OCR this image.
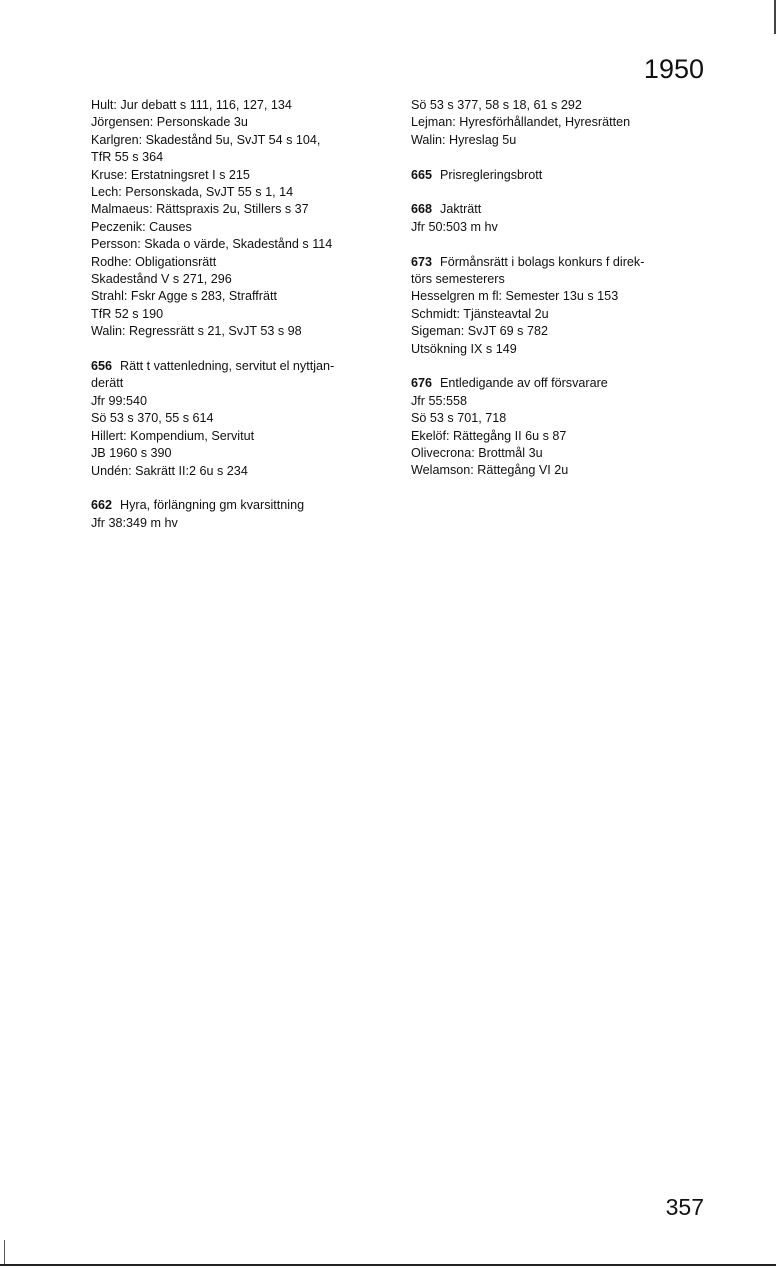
1950
Hult: Jur debatt s 111, 116, 127, 134
Jörgensen: Personskade 3u
Karlgren: Skadestånd 5u, SvJT 54 s 104,
TfR 55 s 364
Kruse: Erstatningsret I s 215
Lech: Personskada, SvJT 55 s 1, 14
Malmaeus: Rättspraxis 2u, Stillers s 37
Peczenik: Causes
Persson: Skada o värde, Skadestånd s 114
Rodhe: Obligationsrätt
Skadestånd V s 271, 296
Strahl: Fskr Agge s 283, Straffrätt
TfR 52 s 190
Walin: Regressrätt s 21, SvJT 53 s 98
656 Rätt t vattenledning, servitut el nyttjan-
derätt
Jfr 99:540
Sö 53 s 370, 55 s 614
Hillert: Kompendium, Servitut
JB 1960 s 390
Undén: Sakrätt II:2 6u s 234
662 Hyra, förlängning gm kvarsittning
Jfr 38:349 m hv
Sö 53 s 377, 58 s 18, 61 s 292
Lejman: Hyresförhållandet, Hyresrätten
Walin: Hyreslag 5u
665 Prisregleringsbrott
668 Jakträtt
Jfr 50:503 m hv
673 Förmånsrätt i bolags konkurs f direk-
törs semesterers
Hesselgren m fl: Semester 13u s 153
Schmidt: Tjänsteavtal 2u
Sigeman: SvJT 69 s 782
Utsökning IX s 149
676 Entledigande av off försvarare
Jfr 55:558
Sö 53 s 701, 718
Ekelöf: Rättegång II 6u s 87
Olivecrona: Brottmål 3u
Welamson: Rättegång VI 2u
357
